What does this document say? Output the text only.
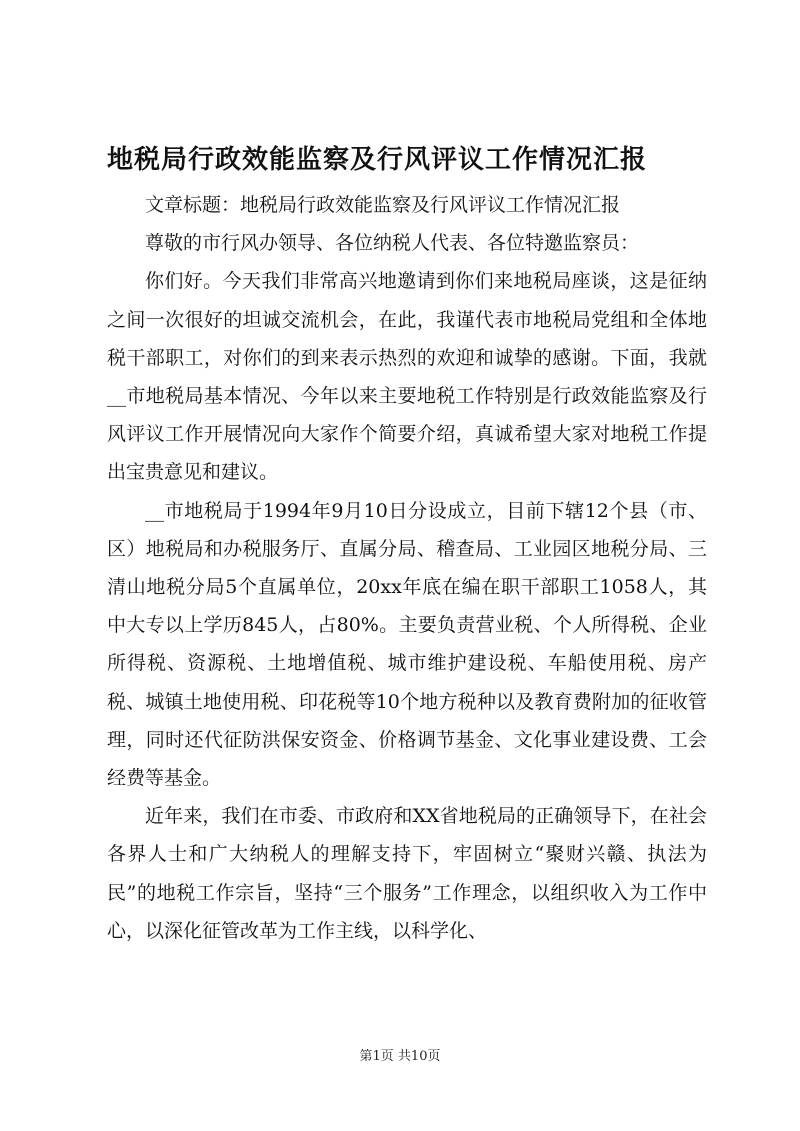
地税局行政效能监察及行风评议工作情况汇报

文章标题：地税局行政效能监察及行风评议工作情况汇报

尊敬的市行风办领导、各位纳税人代表、各位特邀监察员：

你们好。今天我们非常高兴地邀请到你们来地税局座谈，这是征纳之间一次很好的坦诚交流机会，在此，我谨代表市地税局党组和全体地税干部职工，对你们的到来表示热烈的欢迎和诚挚的感谢。下面，我就__市地税局基本情况、今年以来主要地税工作特别是行政效能监察及行风评议工作开展情况向大家作个简要介绍，真诚希望大家对地税工作提出宝贵意见和建议。

__市地税局于1994年9月10日分设成立，目前下辖12个县（市、区）地税局和办税服务厅、直属分局、稽查局、工业园区地税分局、三清山地税分局5个直属单位，20xx年底在编在职干部职工1058人，其中大专以上学历845人，占80%。主要负责营业税、个人所得税、企业所得税、资源税、土地增值税、城市维护建设税、车船使用税、房产税、城镇土地使用税、印花税等10个地方税种以及教育费附加的征收管理，同时还代征防洪保安资金、价格调节基金、文化事业建设费、工会经费等基金。

近年来，我们在市委、市政府和XX省地税局的正确领导下，在社会各界人士和广大纳税人的理解支持下，牢固树立“聚财兴赣、执法为民”的地税工作宗旨，坚持“三个服务”工作理念，以组织收入为工作中心，以深化征管改革为工作主线，以科学化、

第1页 共10页
